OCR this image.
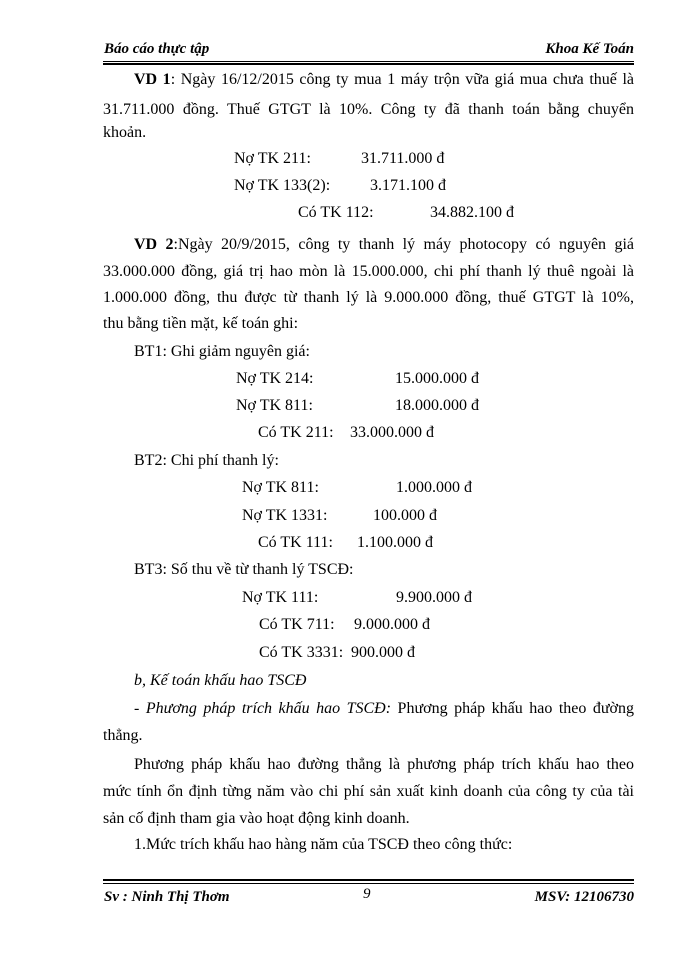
Báo cáo thực tập	Khoa Kế Toán
VD 1: Ngày 16/12/2015 công ty mua 1 máy trộn vữa giá mua chưa thuế là
31.711.000 đồng. Thuế GTGT là 10%. Công ty đã thanh toán bằng chuyển
khoản.
Nợ TK 211:	31.711.000 đ
Nợ TK 133(2): 3.171.100 đ
Có TK 112:	34.882.100 đ
VD 2:Ngày 20/9/2015, công ty thanh lý máy photocopy có nguyên giá
33.000.000 đồng, giá trị hao mòn là 15.000.000, chi phí thanh lý thuê ngoài là
1.000.000 đồng, thu được từ thanh lý là 9.000.000 đồng, thuế GTGT là 10%,
thu bằng tiền mặt, kế toán ghi:
BT1: Ghi giảm nguyên giá:
Nợ TK 214:	15.000.000 đ
Nợ TK 811:	18.000.000 đ
Có TK 211: 33.000.000 đ
BT2: Chi phí thanh lý:
Nợ TK 811:	1.000.000 đ
Nợ TK 1331:	100.000 đ
Có TK 111: 1.100.000 đ
BT3: Số thu về từ thanh lý TSCĐ:
Nợ TK 111:	9.900.000 đ
Có TK 711: 9.000.000 đ
Có TK 3331: 900.000 đ
b, Kế toán khấu hao TSCĐ
- Phương pháp trích khấu hao TSCĐ: Phương pháp khấu hao theo đường
thẳng.
Phương pháp khấu hao đường thẳng là phương pháp trích khấu hao theo
mức tính ổn định từng năm vào chi phí sản xuất kinh doanh của công ty của tài
sản cố định tham gia vào hoạt động kinh doanh.
1.Mức trích khấu hao hàng năm của TSCĐ theo công thức:
Sv : Ninh Thị Thơm	9	MSV: 12106730
